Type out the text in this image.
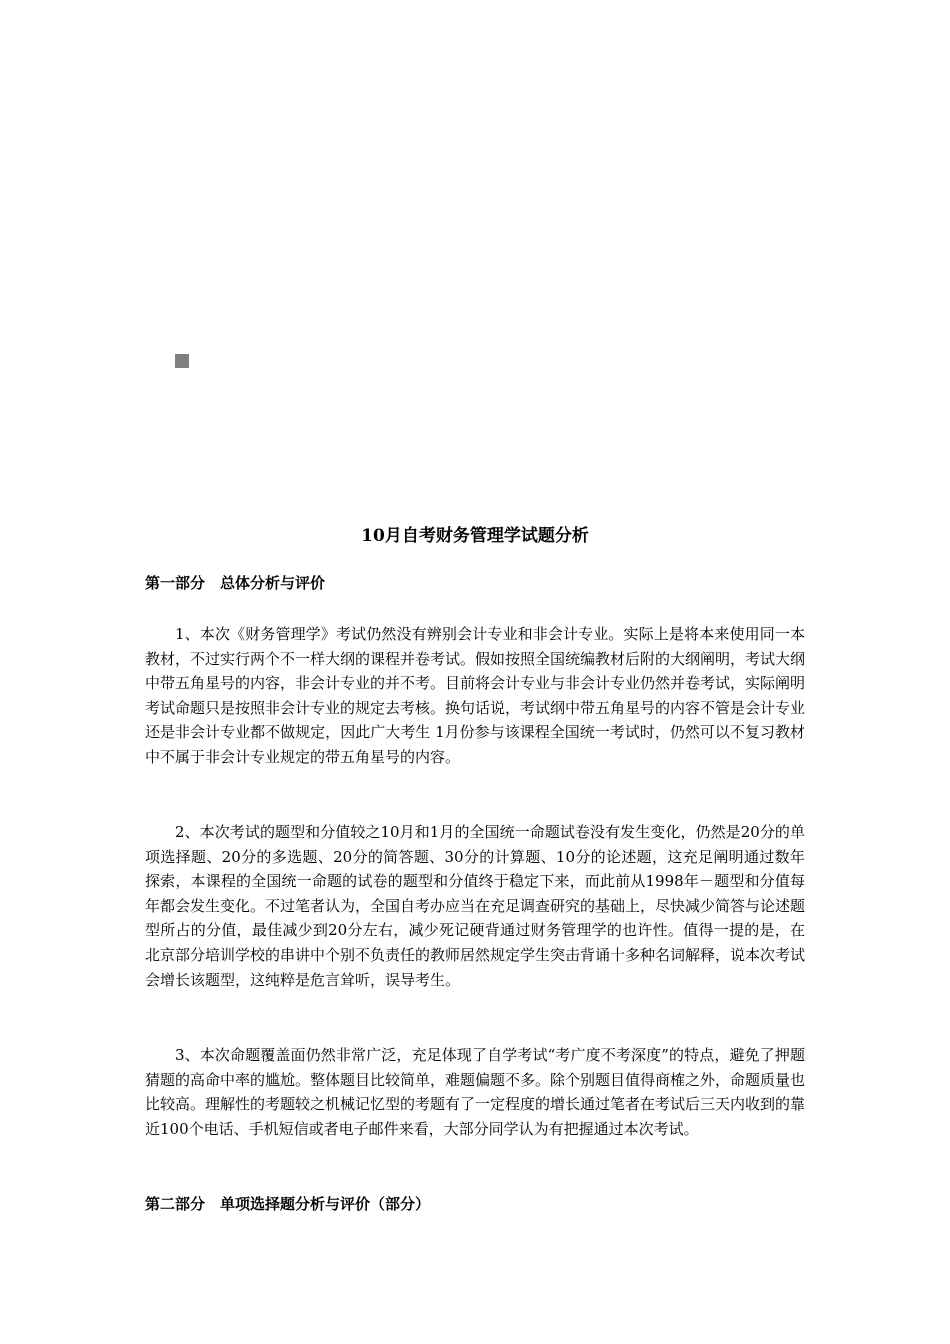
10月自考财务管理学试题分析
第一部分　总体分析与评价

1、本次《财务管理学》考试仍然没有辨别会计专业和非会计专业。实际上是将本来使用同一本教材，不过实行两个不一样大纲的课程并卷考试。假如按照全国统编教材后附的大纲阐明，考试大纲中带五角星号的内容，非会计专业的并不考。目前将会计专业与非会计专业仍然并卷考试，实际阐明考试命题只是按照非会计专业的规定去考核。换句话说，考试纲中带五角星号的内容不管是会计专业还是非会计专业都不做规定，因此广大考生 1月份参与该课程全国统一考试时，仍然可以不复习教材中不属于非会计专业规定的带五角星号的内容。

2、本次考试的题型和分值较之10月和1月的全国统一命题试卷没有发生变化，仍然是20分的单项选择题、20分的多选题、20分的简答题、30分的计算题、10分的论述题，这充足阐明通过数年探索，本课程的全国统一命题的试卷的题型和分值终于稳定下来，而此前从1998年－题型和分值每年都会发生变化。不过笔者认为，全国自考办应当在充足调查研究的基础上，尽快减少简答与论述题型所占的分值，最佳减少到20分左右，减少死记硬背通过财务管理学的也许性。值得一提的是，在北京部分培训学校的串讲中个别不负责任的教师居然规定学生突击背诵十多种名词解释，说本次考试会增长该题型，这纯粹是危言耸听，误导考生。

3、本次命题覆盖面仍然非常广泛，充足体现了自学考试“考广度不考深度”的特点，避免了押题猜题的高命中率的尴尬。整体题目比较简单，难题偏题不多。除个别题目值得商榷之外，命题质量也比较高。理解性的考题较之机械记忆型的考题有了一定程度的增长通过笔者在考试后三天内收到的靠近100个电话、手机短信或者电子邮件来看，大部分同学认为有把握通过本次考试。

第二部分　单项选择题分析与评价（部分）
